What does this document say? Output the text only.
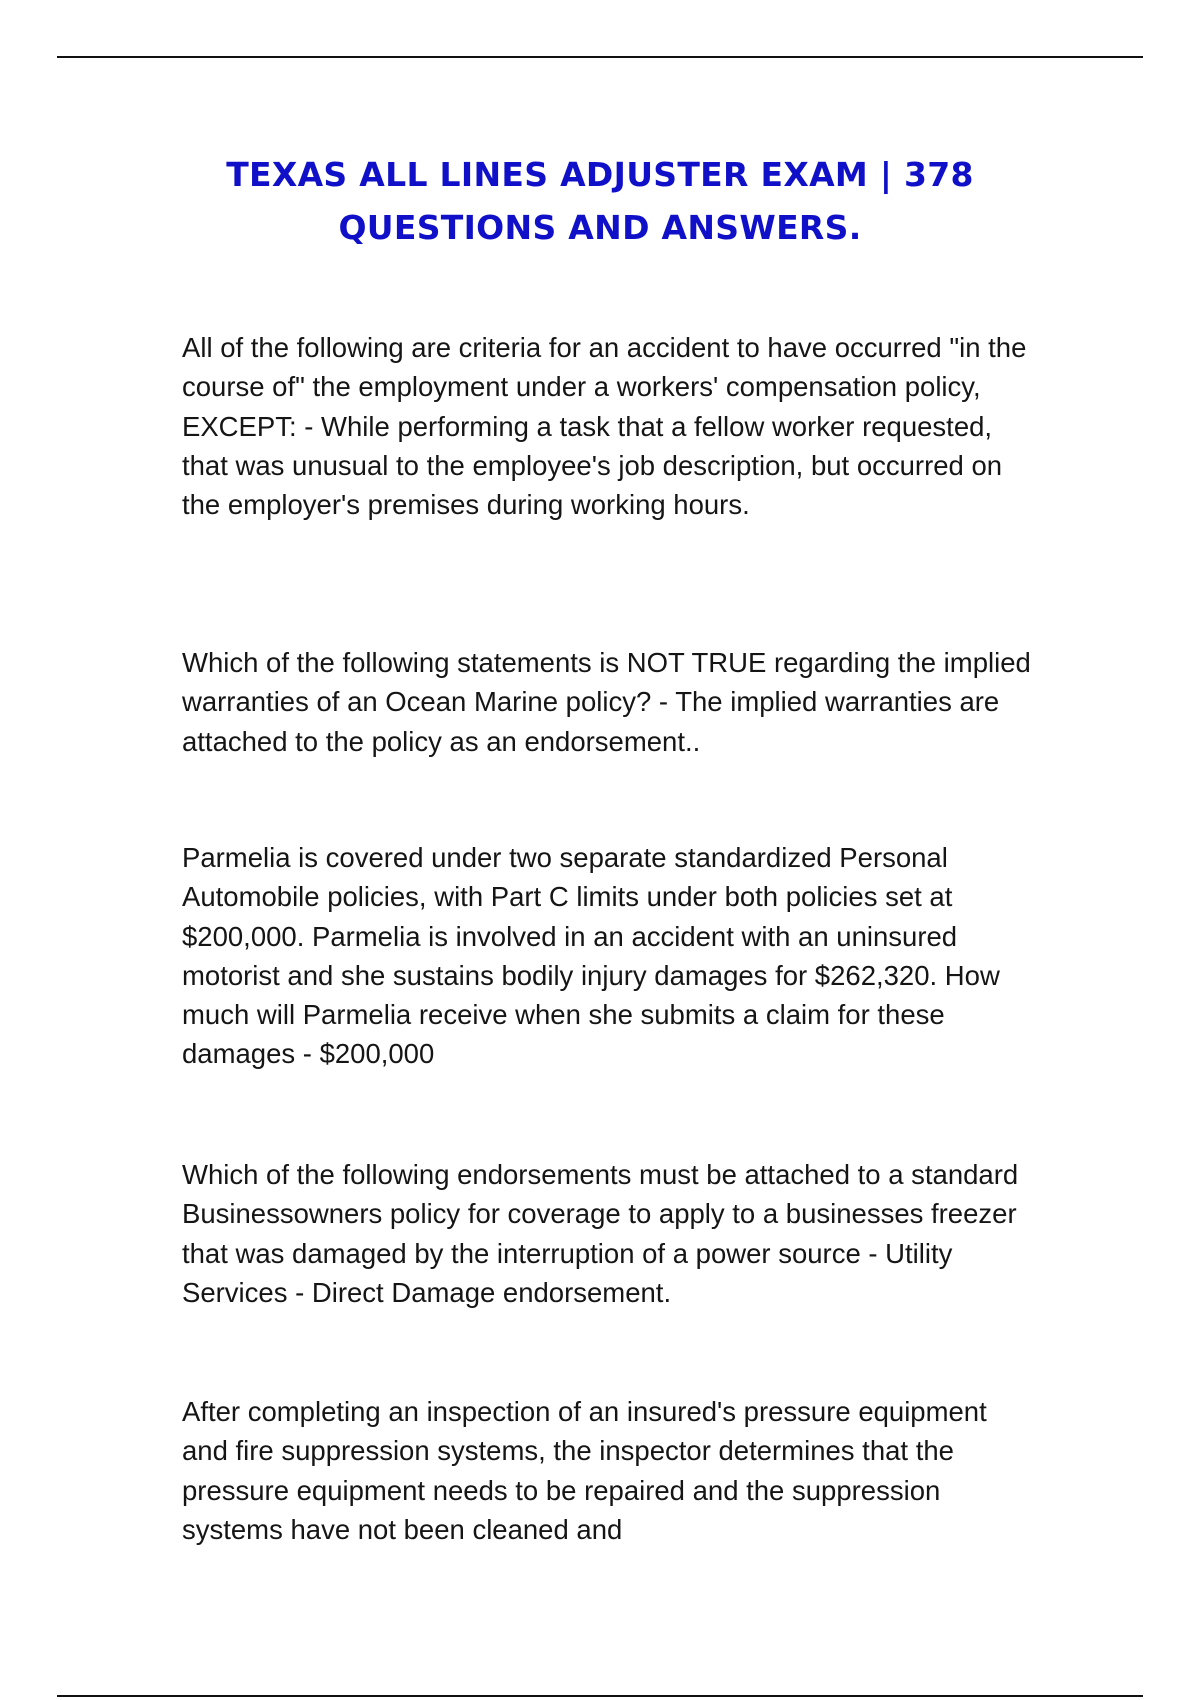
TEXAS ALL LINES ADJUSTER EXAM | 378 QUESTIONS AND ANSWERS.

All of the following are criteria for an accident to have occurred "in the course of" the employment under a workers' compensation policy, EXCEPT: - While performing a task that a fellow worker requested, that was unusual to the employee's job description, but occurred on the employer's premises during working hours.

Which of the following statements is NOT TRUE regarding the implied warranties of an Ocean Marine policy? - The implied warranties are attached to the policy as an endorsement..

Parmelia is covered under two separate standardized Personal Automobile policies, with Part C limits under both policies set at $200,000. Parmelia is involved in an accident with an uninsured motorist and she sustains bodily injury damages for $262,320. How much will Parmelia receive when she submits a claim for these damages - $200,000

Which of the following endorsements must be attached to a standard Businessowners policy for coverage to apply to a businesses freezer that was damaged by the interruption of a power source - Utility Services - Direct Damage endorsement.

After completing an inspection of an insured's pressure equipment and fire suppression systems, the inspector determines that the pressure equipment needs to be repaired and the suppression systems have not been cleaned and
